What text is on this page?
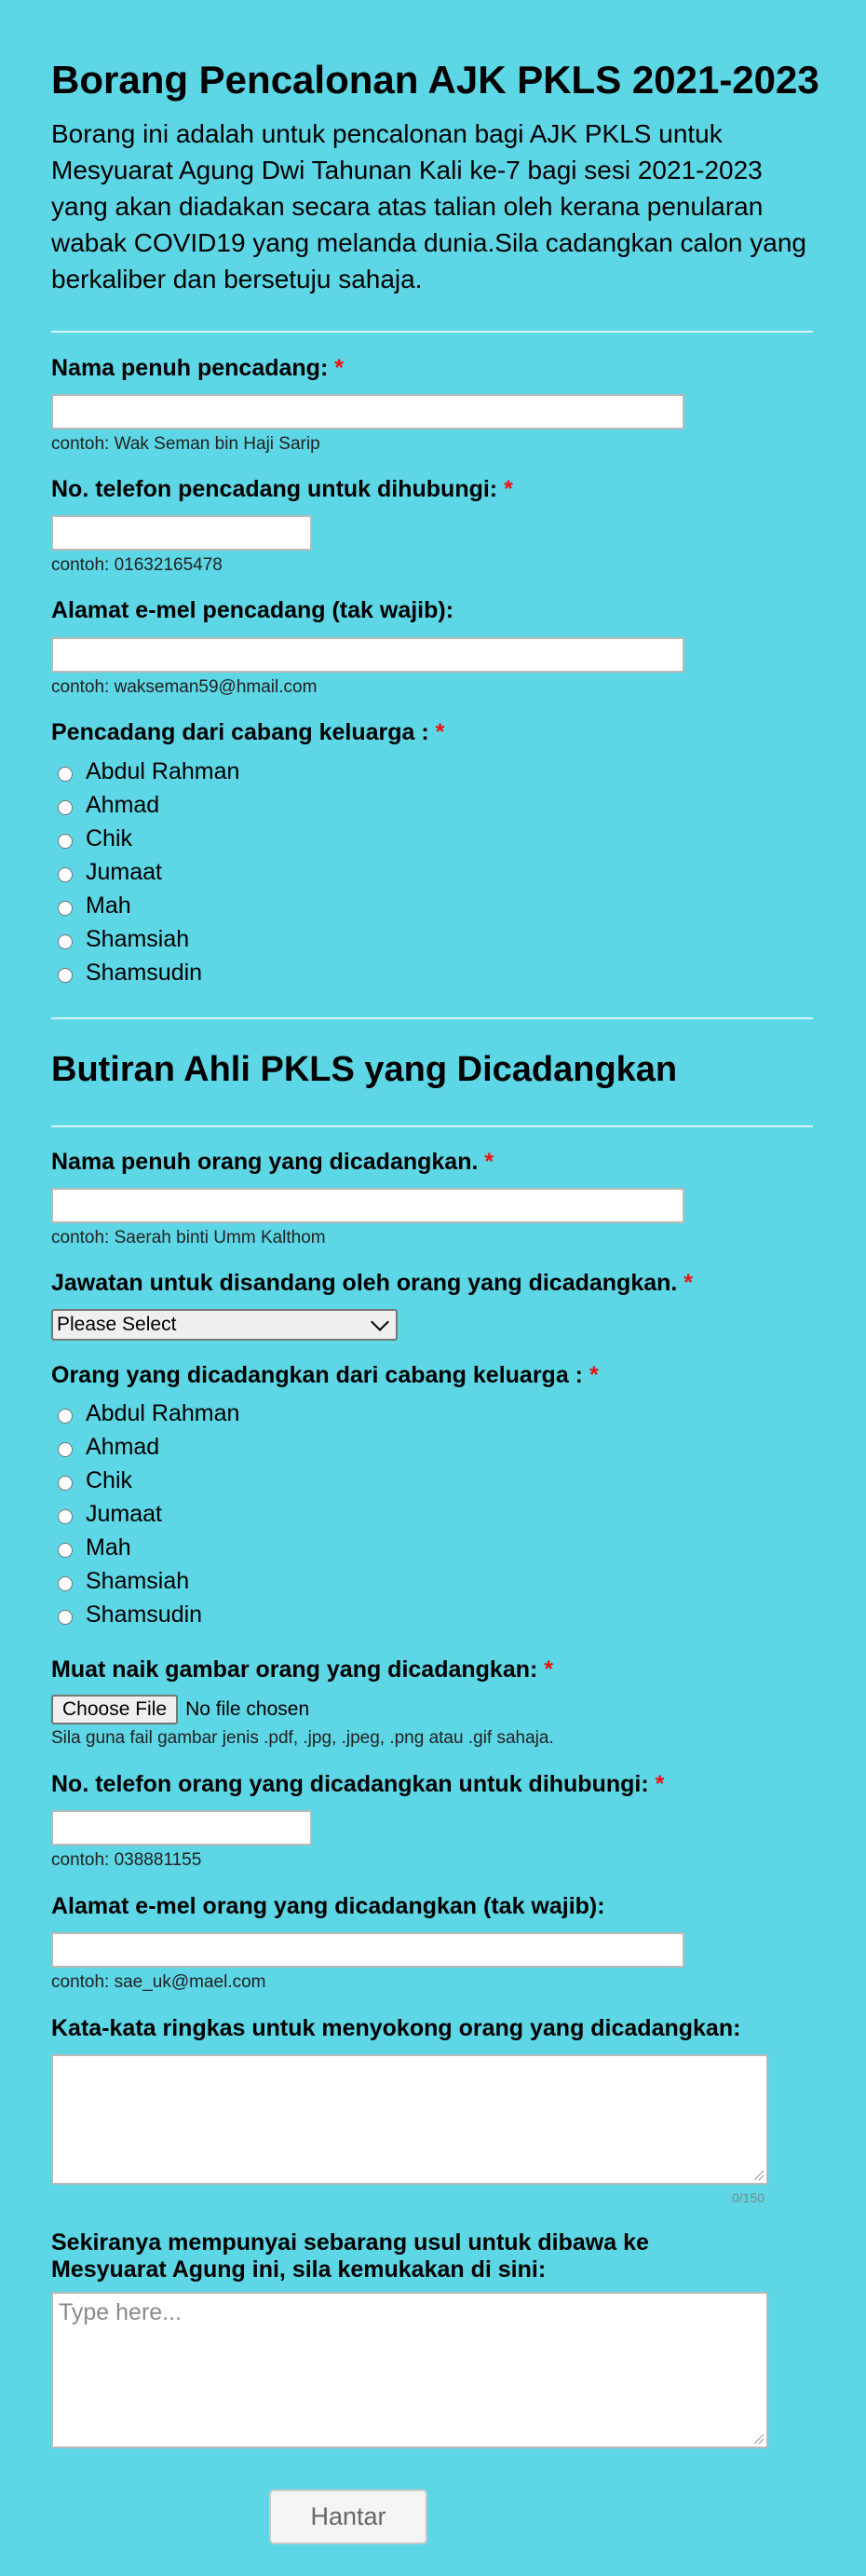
Borang Pencalonan AJK PKLS 2021-2023
Borang ini adalah untuk pencalonan bagi AJK PKLS untuk Mesyuarat Agung Dwi Tahunan Kali ke-7 bagi sesi 2021-2023 yang akan diadakan secara atas talian oleh kerana penularan wabak COVID19 yang melanda dunia.Sila cadangkan calon yang berkaliber dan bersetuju sahaja.
Nama penuh pencadang: *
contoh: Wak Seman bin Haji Sarip
No. telefon pencadang untuk dihubungi: *
contoh: 01632165478
Alamat e-mel pencadang (tak wajib):
contoh: wakseman59@hmail.com
Pencadang dari cabang keluarga : *
Abdul Rahman
Ahmad
Chik
Jumaat
Mah
Shamsiah
Shamsudin
Butiran Ahli PKLS yang Dicadangkan
Nama penuh orang yang dicadangkan. *
contoh: Saerah binti Umm Kalthom
Jawatan untuk disandang oleh orang yang dicadangkan. *
Please Select
Orang yang dicadangkan dari cabang keluarga : *
Abdul Rahman
Ahmad
Chik
Jumaat
Mah
Shamsiah
Shamsudin
Muat naik gambar orang yang dicadangkan: *
Choose File No file chosen
Sila guna fail gambar jenis .pdf, .jpg, .jpeg, .png atau .gif sahaja.
No. telefon orang yang dicadangkan untuk dihubungi: *
contoh: 038881155
Alamat e-mel orang yang dicadangkan (tak wajib):
contoh: sae_uk@mael.com
Kata-kata ringkas untuk menyokong orang yang dicadangkan:
0/150
Sekiranya mempunyai sebarang usul untuk dibawa ke Mesyuarat Agung ini, sila kemukakan di sini:
Type here...
Hantar
